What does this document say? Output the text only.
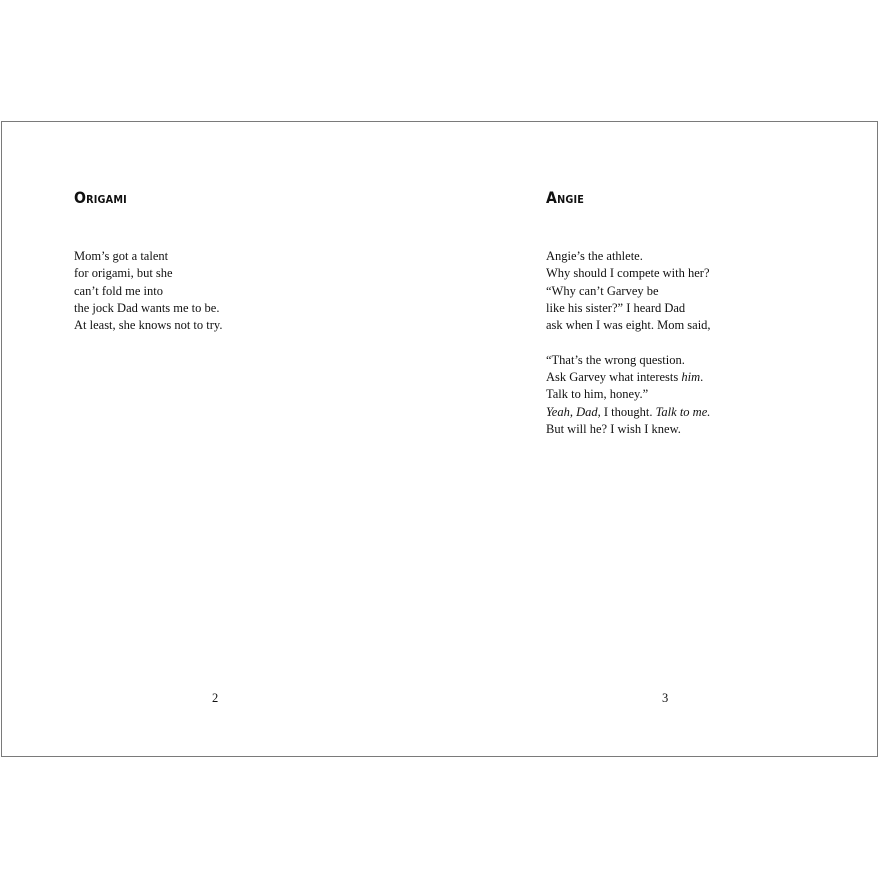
Origami

Mom’s got a talent
for origami, but she
can’t fold me into
the jock Dad wants me to be.
At least, she knows not to try.

2
Angie

Angie’s the athlete.
Why should I compete with her?
“Why can’t Garvey be
like his sister?” I heard Dad
ask when I was eight. Mom said,
“That’s the wrong question.
Ask Garvey what interests him.
Talk to him, honey.”
Yeah, Dad, I thought. Talk to me.
But will he? I wish I knew.

3
